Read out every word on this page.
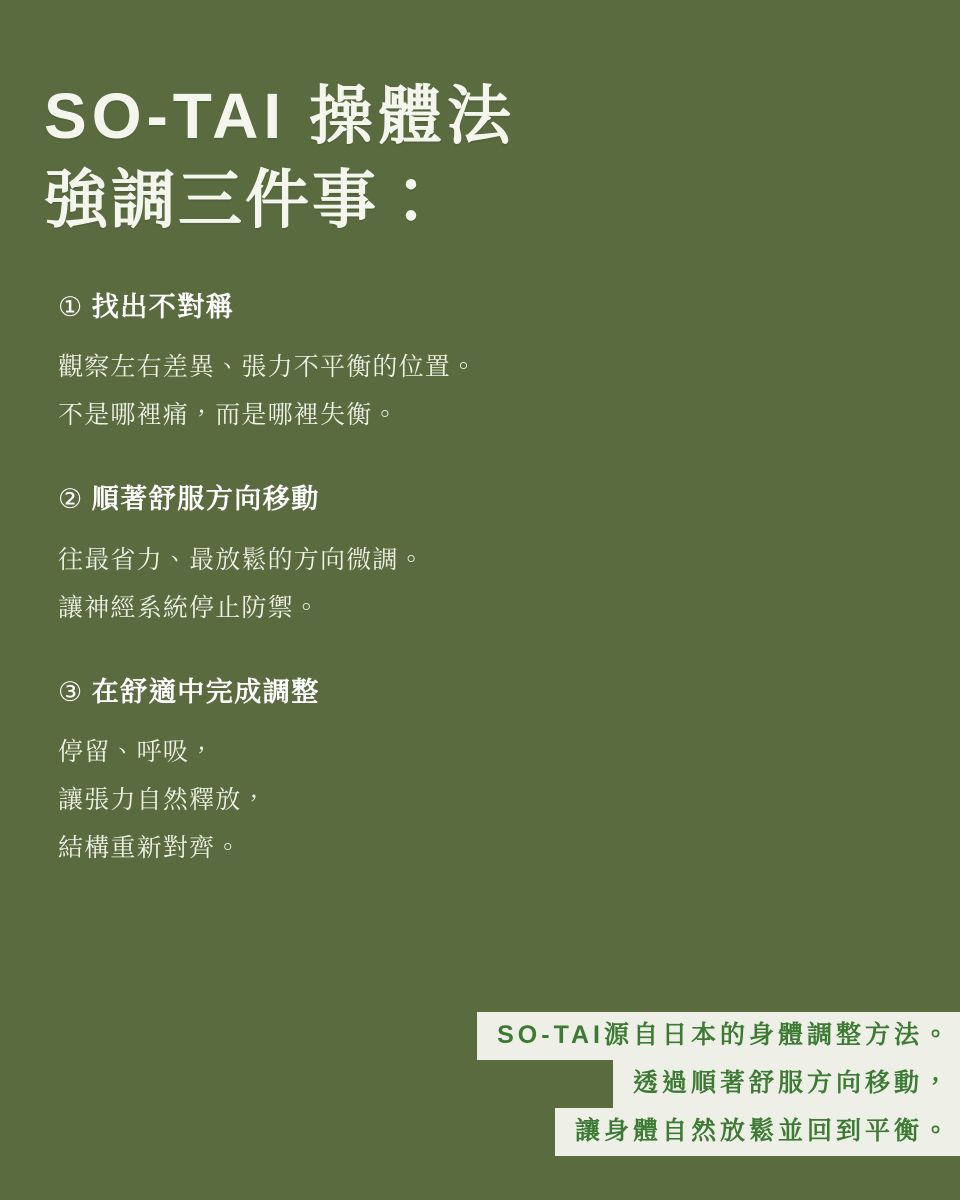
SO-TAI 操體法
強調三件事：
① 找出不對稱
觀察左右差異、張力不平衡的位置。
不是哪裡痛，而是哪裡失衡。
② 順著舒服方向移動
往最省力、最放鬆的方向微調。
讓神經系統停止防禦。
③ 在舒適中完成調整
停留、呼吸，
讓張力自然釋放，
結構重新對齊。
SO-TAI源自日本的身體調整方法。
透過順著舒服方向移動，
讓身體自然放鬆並回到平衡。
